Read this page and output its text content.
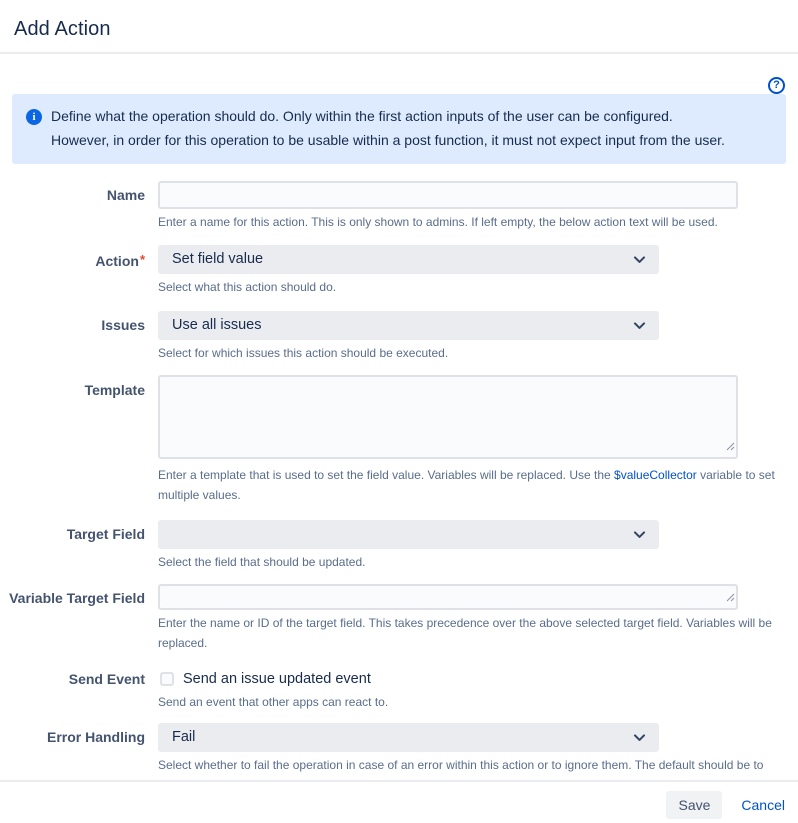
Add Action
?
i Define what the operation should do. Only within the first action inputs of the user can be configured.
However, in order for this operation to be usable within a post function, it must not expect input from the user.
Name
Enter a name for this action. This is only shown to admins. If left empty, the below action text will be used.
Action* Set field value
Select what this action should do.
Issues Use all issues
Select for which issues this action should be executed.
Template
Enter a template that is used to set the field value. Variables will be replaced. Use the $valueCollector variable to set multiple values.
Target Field
Select the field that should be updated.
Variable Target Field
Enter the name or ID of the target field. This takes precedence over the above selected target field. Variables will be replaced.
Send Event	Send an issue updated event
Send an event that other apps can react to.
Error Handling Fail
Select whether to fail the operation in case of an error within this action or to ignore them. The default should be to
Save	Cancel
